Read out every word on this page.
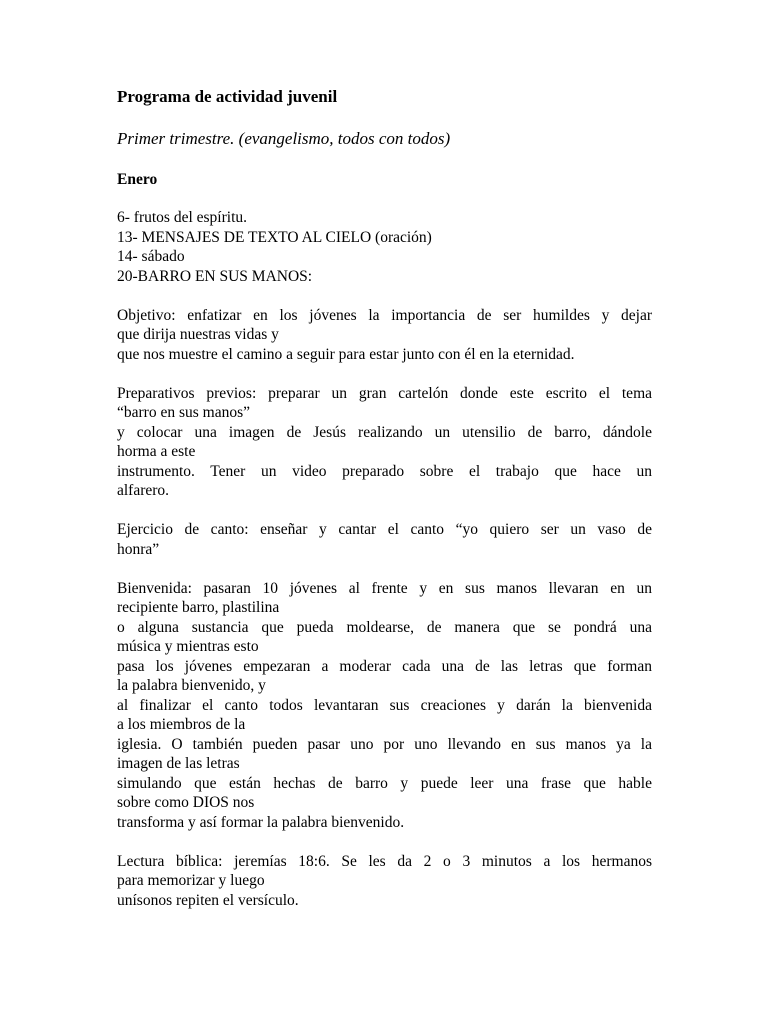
Programa de actividad juvenil

Primer trimestre. (evangelismo, todos con todos)

Enero

6- frutos del espíritu.
13- MENSAJES DE TEXTO AL CIELO (oración)
14- sábado
20-BARRO EN SUS MANOS:
Objetivo: enfatizar en los jóvenes la importancia de ser humildes y dejar
que dirija nuestras vidas y
que nos muestre el camino a seguir para estar junto con él en la eternidad.
Preparativos previos: preparar un gran cartelón donde este escrito el tema
“barro en sus manos”
y colocar una imagen de Jesús realizando un utensilio de barro, dándole
horma a este
instrumento. Tener un video preparado sobre el trabajo que hace un
alfarero.
Ejercicio de canto: enseñar y cantar el canto “yo quiero ser un vaso de
honra”
Bienvenida: pasaran 10 jóvenes al frente y en sus manos llevaran en un
recipiente barro, plastilina
o alguna sustancia que pueda moldearse, de manera que se pondrá una
música y mientras esto
pasa los jóvenes empezaran a moderar cada una de las letras que forman
la palabra bienvenido, y
al finalizar el canto todos levantaran sus creaciones y darán la bienvenida
a los miembros de la
iglesia. O también pueden pasar uno por uno llevando en sus manos ya la
imagen de las letras
simulando que están hechas de barro y puede leer una frase que hable
sobre como DIOS nos
transforma y así formar la palabra bienvenido.
Lectura bíblica: jeremías 18:6. Se les da 2 o 3 minutos a los hermanos
para memorizar y luego
unísonos repiten el versículo.
